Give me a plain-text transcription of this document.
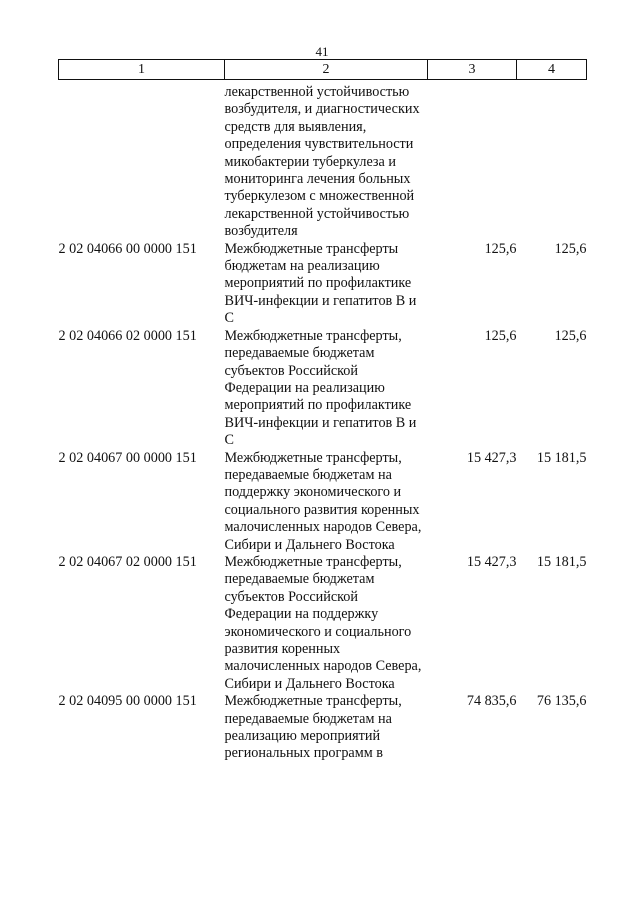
41
1	2	3	4
	лекарственной устойчивостью возбудителя, и диагностических средств для выявления, определения чувствительности микобактерии туберкулеза и мониторинга лечения больных туберкулезом с множественной лекарственной устойчивостью возбудителя		
2 02 04066 00 0000 151	Межбюджетные трансферты бюджетам на реализацию мероприятий по профилактике ВИЧ-инфекции и гепатитов В и С	125,6	125,6
2 02 04066 02 0000 151	Межбюджетные трансферты, передаваемые бюджетам субъектов Российской Федерации на реализацию мероприятий по профилактике ВИЧ-инфекции и гепатитов В и С	125,6	125,6
2 02 04067 00 0000 151	Межбюджетные трансферты, передаваемые бюджетам на поддержку экономического и социального развития коренных малочисленных народов Севера, Сибири и Дальнего Востока	15 427,3	15 181,5
2 02 04067 02 0000 151	Межбюджетные трансферты, передаваемые бюджетам субъектов Российской Федерации на поддержку экономического и социального развития коренных малочисленных народов Севера, Сибири и Дальнего Востока	15 427,3	15 181,5
2 02 04095 00 0000 151	Межбюджетные трансферты, передаваемые бюджетам на реализацию мероприятий региональных программ в	74 835,6	76 135,6
